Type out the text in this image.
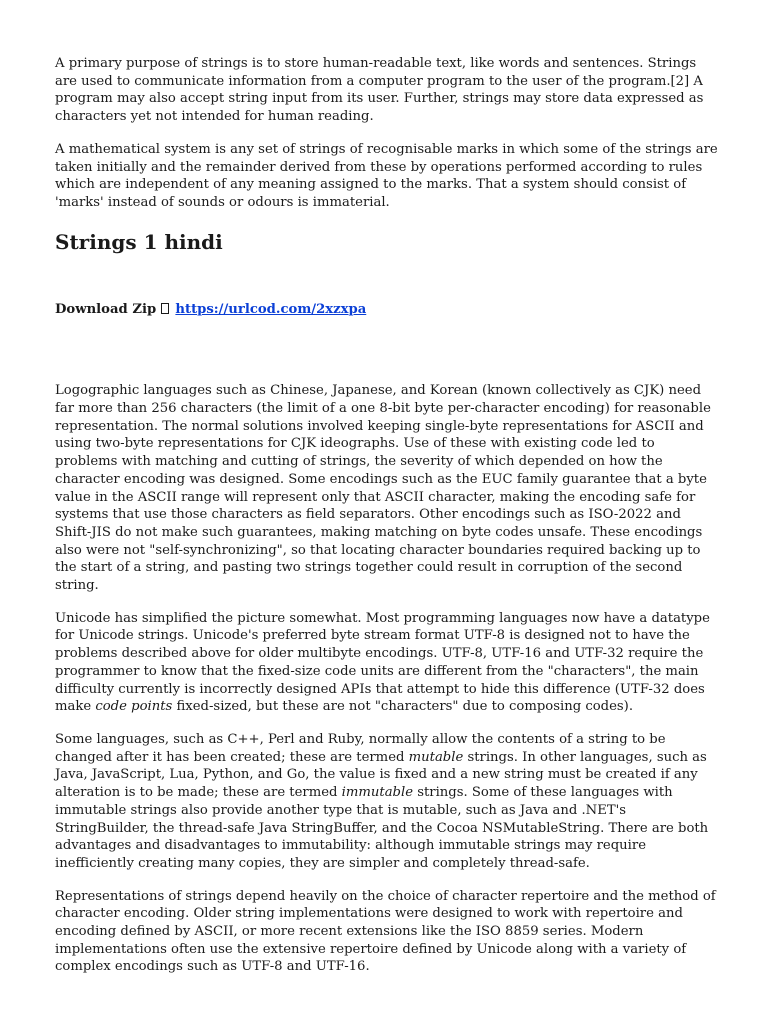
A primary purpose of strings is to store human-readable text, like words and sentences. Strings are used to communicate information from a computer program to the user of the program.[2] A program may also accept string input from its user. Further, strings may store data expressed as characters yet not intended for human reading.

A mathematical system is any set of strings of recognisable marks in which some of the strings are taken initially and the remainder derived from these by operations performed according to rules which are independent of any meaning assigned to the marks. That a system should consist of 'marks' instead of sounds or odours is immaterial.

Strings 1 hindi
Download Zip https://urlcod.com/2xzxpa

Logographic languages such as Chinese, Japanese, and Korean (known collectively as CJK) need far more than 256 characters (the limit of a one 8-bit byte per-character encoding) for reasonable representation. The normal solutions involved keeping single-byte representations for ASCII and using two-byte representations for CJK ideographs. Use of these with existing code led to problems with matching and cutting of strings, the severity of which depended on how the character encoding was designed. Some encodings such as the EUC family guarantee that a byte value in the ASCII range will represent only that ASCII character, making the encoding safe for systems that use those characters as field separators. Other encodings such as ISO-2022 and Shift-JIS do not make such guarantees, making matching on byte codes unsafe. These encodings also were not "self-synchronizing", so that locating character boundaries required backing up to the start of a string, and pasting two strings together could result in corruption of the second string.

Unicode has simplified the picture somewhat. Most programming languages now have a datatype for Unicode strings. Unicode's preferred byte stream format UTF-8 is designed not to have the problems described above for older multibyte encodings. UTF-8, UTF-16 and UTF-32 require the programmer to know that the fixed-size code units are different from the "characters", the main difficulty currently is incorrectly designed APIs that attempt to hide this difference (UTF-32 does make code points fixed-sized, but these are not "characters" due to composing codes).

Some languages, such as C++, Perl and Ruby, normally allow the contents of a string to be changed after it has been created; these are termed mutable strings. In other languages, such as Java, JavaScript, Lua, Python, and Go, the value is fixed and a new string must be created if any alteration is to be made; these are termed immutable strings. Some of these languages with immutable strings also provide another type that is mutable, such as Java and .NET's StringBuilder, the thread-safe Java StringBuffer, and the Cocoa NSMutableString. There are both advantages and disadvantages to immutability: although immutable strings may require inefficiently creating many copies, they are simpler and completely thread-safe.

Representations of strings depend heavily on the choice of character repertoire and the method of character encoding. Older string implementations were designed to work with repertoire and encoding defined by ASCII, or more recent extensions like the ISO 8859 series. Modern implementations often use the extensive repertoire defined by Unicode along with a variety of complex encodings such as UTF-8 and UTF-16.
